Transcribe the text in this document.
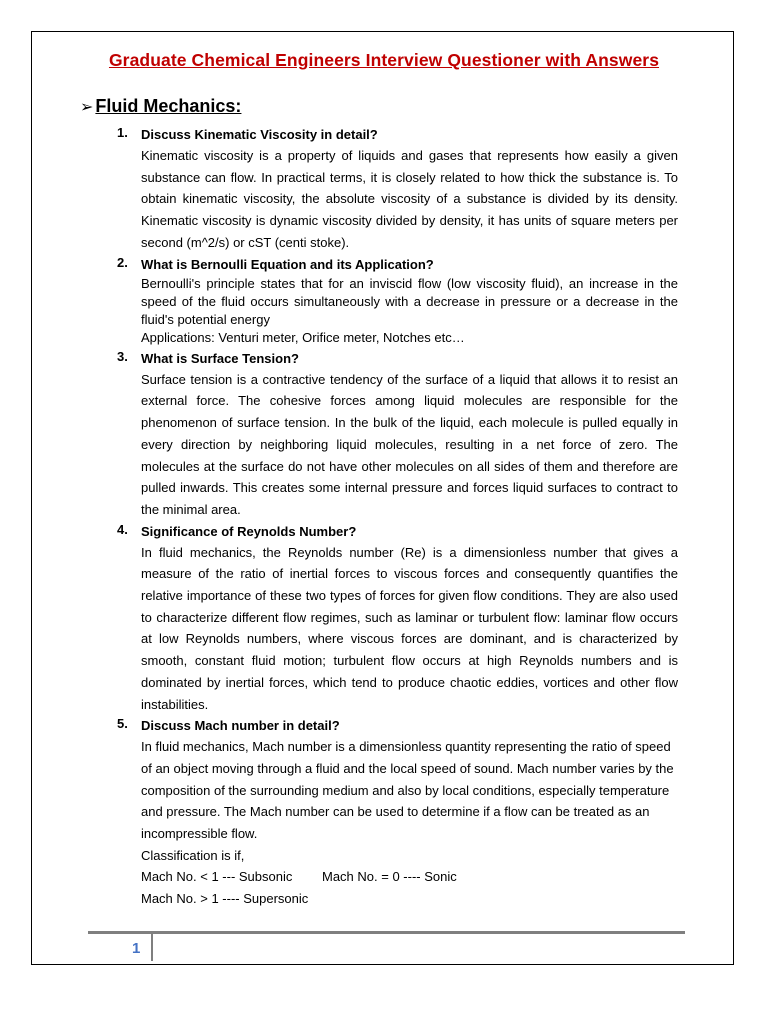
Graduate Chemical Engineers Interview Questioner with Answers
➢ Fluid Mechanics:
1. Discuss Kinematic Viscosity in detail?
Kinematic viscosity is a property of liquids and gases that represents how easily a given substance can flow. In practical terms, it is closely related to how thick the substance is. To obtain kinematic viscosity, the absolute viscosity of a substance is divided by its density. Kinematic viscosity is dynamic viscosity divided by density, it has units of square meters per second (m^2/s) or cST (centi stoke).
2. What is Bernoulli Equation and its Application?

Bernoulli's principle states that for an inviscid flow (low viscosity fluid), an increase in the speed of the fluid occurs simultaneously with a decrease in pressure or a decrease in the fluid's potential energy

Applications: Venturi meter, Orifice meter, Notches etc…

3. What is Surface Tension?
Surface tension is a contractive tendency of the surface of a liquid that allows it to resist an external force. The cohesive forces among liquid molecules are responsible for the phenomenon of surface tension. In the bulk of the liquid, each molecule is pulled equally in every direction by neighboring liquid molecules, resulting in a net force of zero. The molecules at the surface do not have other molecules on all sides of them and therefore are pulled inwards. This creates some internal pressure and forces liquid surfaces to contract to the minimal area.
4. Significance of Reynolds Number?
In fluid mechanics, the Reynolds number (Re) is a dimensionless number that gives a measure of the ratio of inertial forces to viscous forces and consequently quantifies the relative importance of these two types of forces for given flow conditions. They are also used to characterize different flow regimes, such as laminar or turbulent flow: laminar flow occurs at low Reynolds numbers, where viscous forces are dominant, and is characterized by smooth, constant fluid motion; turbulent flow occurs at high Reynolds numbers and is dominated by inertial forces, which tend to produce chaotic eddies, vortices and other flow instabilities.
5. Discuss Mach number in detail?

In fluid mechanics, Mach number is a dimensionless quantity representing the ratio of speed of an object moving through a fluid and the local speed of sound. Mach number varies by the composition of the surrounding medium and also by local conditions, especially temperature and pressure. The Mach number can be used to determine if a flow can be treated as an incompressible flow.

Classification is if,

Mach No. < 1 --- Subsonic	Mach No. = 0 ---- Sonic

Mach No. > 1 ---- Supersonic

1
